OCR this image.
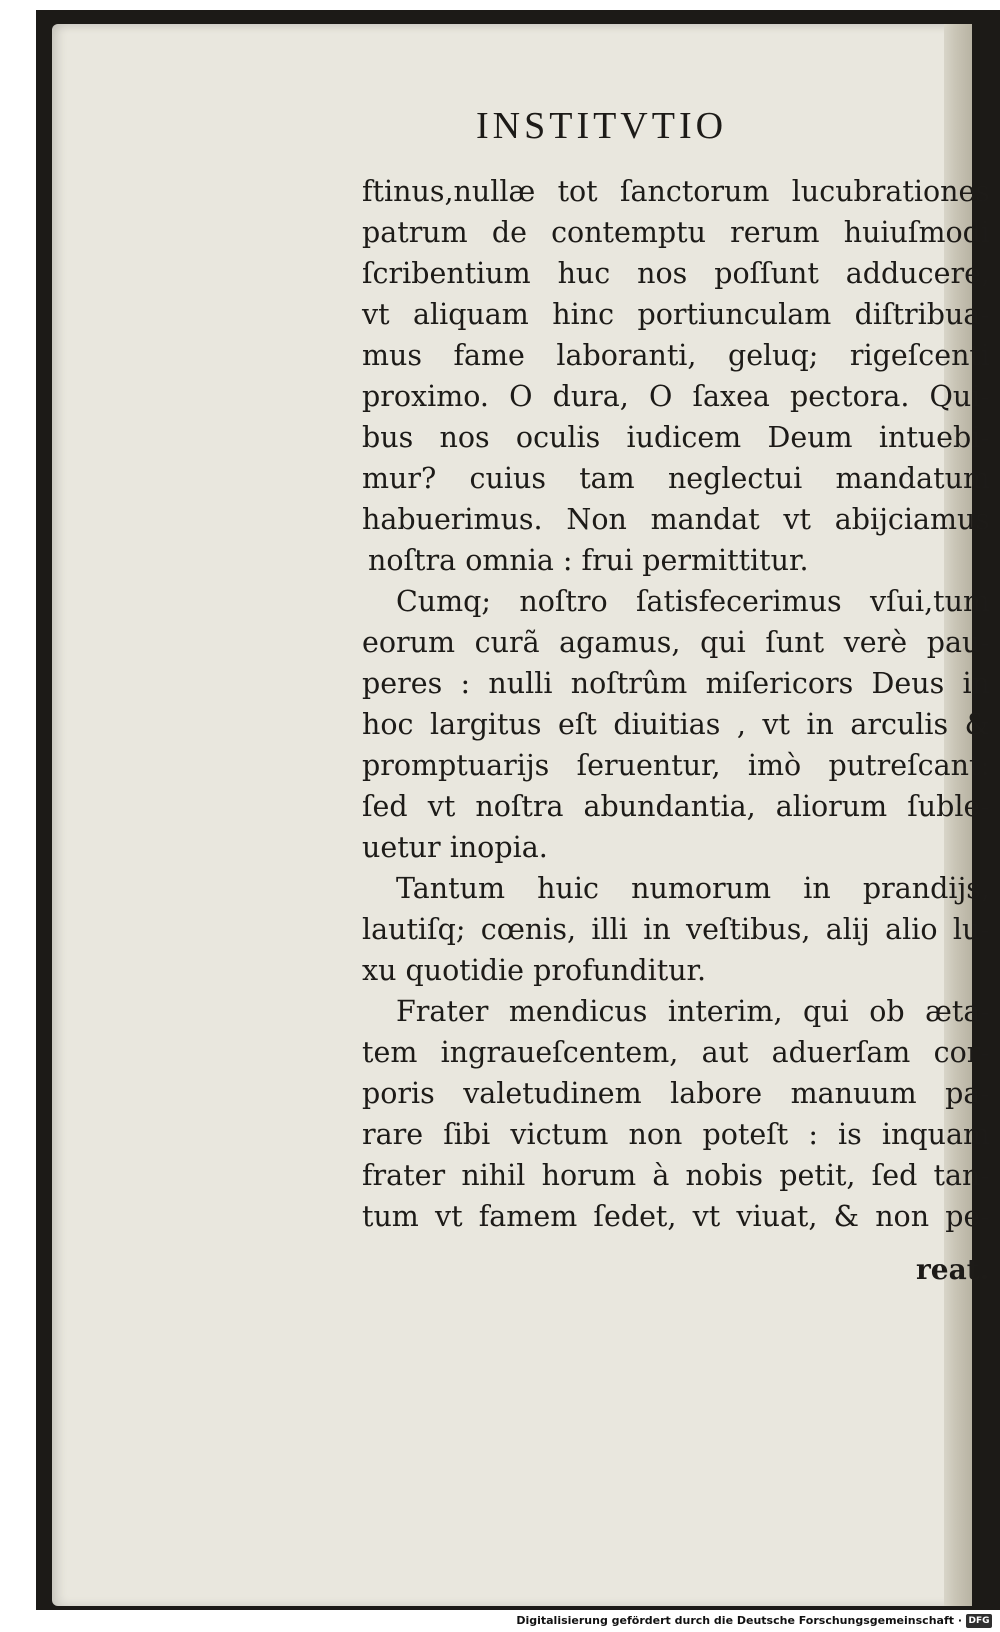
INSTITVTIO
ftinus,nullæ tot ſanctorum lucubrationes
patrum de contemptu rerum huiuſmodi
ſcribentium huc nos poſſunt adducere,
vt aliquam hinc portiunculam diſtribua-
mus fame laboranti, geluq; rigeſcenti
proximo. O dura, O ſaxea pectora. Qui-
bus nos oculis iudicem Deum intuebi-
mur? cuius tam neglectui mandatum
habuerimus. Non mandat vt abijciamus
noſtra omnia : frui permittitur.
Cumq; noſtro ſatisfecerimus vſui,tum
eorum curã agamus, qui ſunt verè pau-
peres : nulli noſtrûm miſericors Deus in
hoc largitus eſt diuitias , vt in arculis &
promptuarijs ſeruentur, imò putreſcant:
ſed vt noſtra abundantia, aliorum ſuble-
uetur inopia.
Tantum huic numorum in prandijs,
lautiſq; cœnis, illi in veſtibus, alij alio lu-
xu quotidie profunditur.
Frater mendicus interim, qui ob æta-
tem ingraueſcentem, aut aduerſam cor-
poris valetudinem labore manuum pa-
rare ſibi victum non poteſt : is inquam
frater nihil horum à nobis petit, ſed tan-
tum vt famem ſedet, vt viuat, & non pe-
reat.
Digitalisierung gefördert durch die Deutsche Forschungsgemeinschaft · DFG
